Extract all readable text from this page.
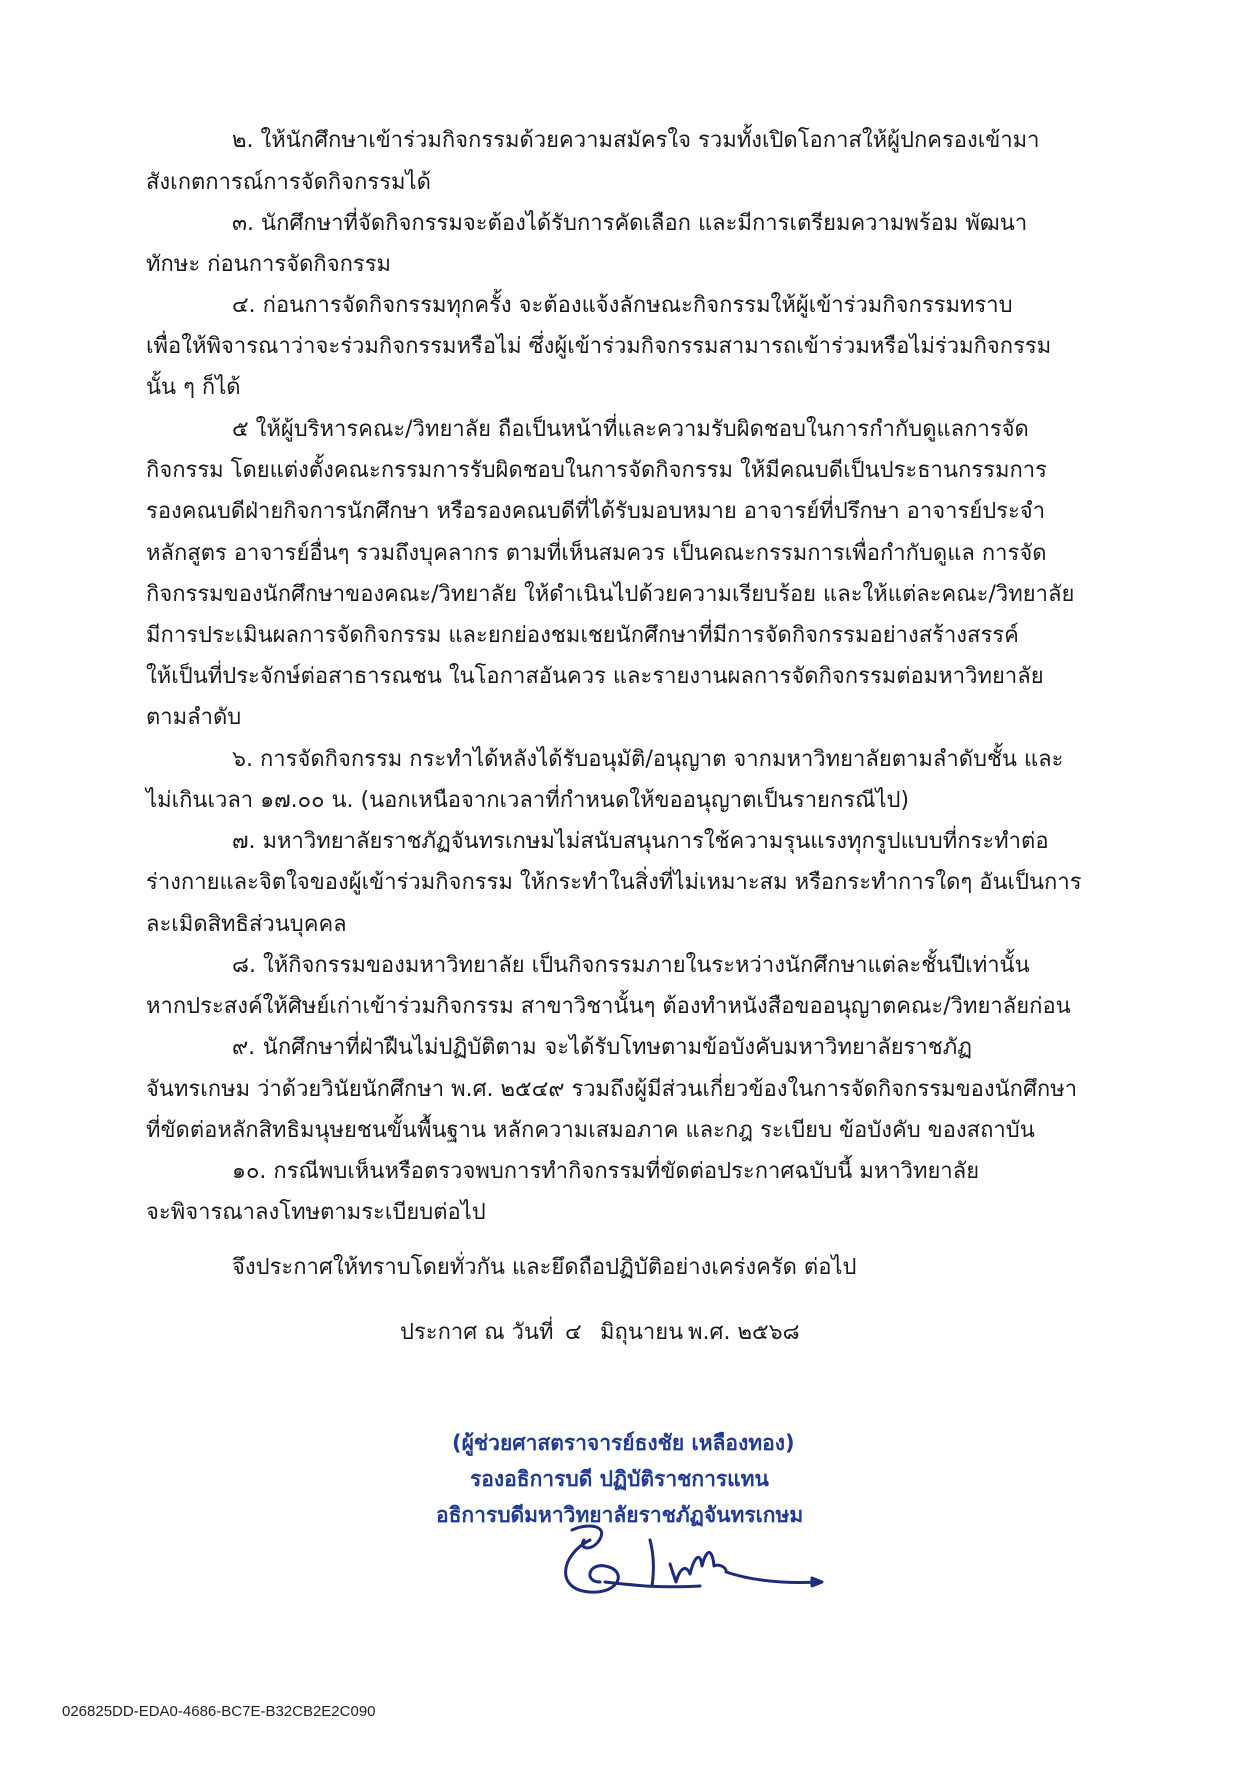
๒. ให้นักศึกษาเข้าร่วมกิจกรรมด้วยความสมัครใจ รวมทั้งเปิดโอกาสให้ผู้ปกครองเข้ามา

สังเกตการณ์การจัดกิจกรรมได้

๓. นักศึกษาที่จัดกิจกรรมจะต้องได้รับการคัดเลือก และมีการเตรียมความพร้อม พัฒนา

ทักษะ ก่อนการจัดกิจกรรม

๔. ก่อนการจัดกิจกรรมทุกครั้ง จะต้องแจ้งลักษณะกิจกรรมให้ผู้เข้าร่วมกิจกรรมทราบ

เพื่อให้พิจารณาว่าจะร่วมกิจกรรมหรือไม่ ซึ่งผู้เข้าร่วมกิจกรรมสามารถเข้าร่วมหรือไม่ร่วมกิจกรรม

นั้น ๆ ก็ได้

๕ ให้ผู้บริหารคณะ/วิทยาลัย ถือเป็นหน้าที่และความรับผิดชอบในการกำกับดูแลการจัด

กิจกรรม โดยแต่งตั้งคณะกรรมการรับผิดชอบในการจัดกิจกรรม ให้มีคณบดีเป็นประธานกรรมการ

รองคณบดีฝ่ายกิจการนักศึกษา หรือรองคณบดีที่ได้รับมอบหมาย อาจารย์ที่ปรึกษา อาจารย์ประจำ

หลักสูตร อาจารย์อื่นๆ รวมถึงบุคลากร ตามที่เห็นสมควร เป็นคณะกรรมการเพื่อกำกับดูแล การจัด

กิจกรรมของนักศึกษาของคณะ/วิทยาลัย ให้ดำเนินไปด้วยความเรียบร้อย และให้แต่ละคณะ/วิทยาลัย

มีการประเมินผลการจัดกิจกรรม และยกย่องชมเชยนักศึกษาที่มีการจัดกิจกรรมอย่างสร้างสรรค์

ให้เป็นที่ประจักษ์ต่อสาธารณชน ในโอกาสอันควร และรายงานผลการจัดกิจกรรมต่อมหาวิทยาลัย

ตามลำดับ

๖. การจัดกิจกรรม กระทำได้หลังได้รับอนุมัติ/อนุญาต จากมหาวิทยาลัยตามลำดับชั้น และ

ไม่เกินเวลา ๑๗.๐๐ น. (นอกเหนือจากเวลาที่กำหนดให้ขออนุญาตเป็นรายกรณีไป)

๗. มหาวิทยาลัยราชภัฏจันทรเกษมไม่สนับสนุนการใช้ความรุนแรงทุกรูปแบบที่กระทำต่อ

ร่างกายและจิตใจของผู้เข้าร่วมกิจกรรม ให้กระทำในสิ่งที่ไม่เหมาะสม หรือกระทำการใดๆ อันเป็นการ

ละเมิดสิทธิส่วนบุคคล

๘. ให้กิจกรรมของมหาวิทยาลัย เป็นกิจกรรมภายในระหว่างนักศึกษาแต่ละชั้นปีเท่านั้น

หากประสงค์ให้ศิษย์เก่าเข้าร่วมกิจกรรม สาขาวิชานั้นๆ ต้องทำหนังสือขออนุญาตคณะ/วิทยาลัยก่อน

๙. นักศึกษาที่ฝ่าฝืนไม่ปฏิบัติตาม จะได้รับโทษตามข้อบังคับมหาวิทยาลัยราชภัฏ

จันทรเกษม ว่าด้วยวินัยนักศึกษา พ.ศ. ๒๕๔๙ รวมถึงผู้มีส่วนเกี่ยวข้องในการจัดกิจกรรมของนักศึกษา

ที่ขัดต่อหลักสิทธิมนุษยชนขั้นพื้นฐาน หลักความเสมอภาค และกฎ ระเบียบ ข้อบังคับ ของสถาบัน

๑๐. กรณีพบเห็นหรือตรวจพบการทำกิจกรรมที่ขัดต่อประกาศฉบับนี้ มหาวิทยาลัย

จะพิจารณาลงโทษตามระเบียบต่อไป

จึงประกาศให้ทราบโดยทั่วกัน และยึดถือปฏิบัติอย่างเคร่งครัด ต่อไป

ประกาศ ณ วันที่ ๔ มิถุนายน พ.ศ. ๒๕๖๘

(ผู้ช่วยศาสตราจารย์ธงชัย เหลืองทอง)

รองอธิการบดี ปฏิบัติราชการแทน

อธิการบดีมหาวิทยาลัยราชภัฏจันทรเกษม

026825DD-EDA0-4686-BC7E-B32CB2E2C090
